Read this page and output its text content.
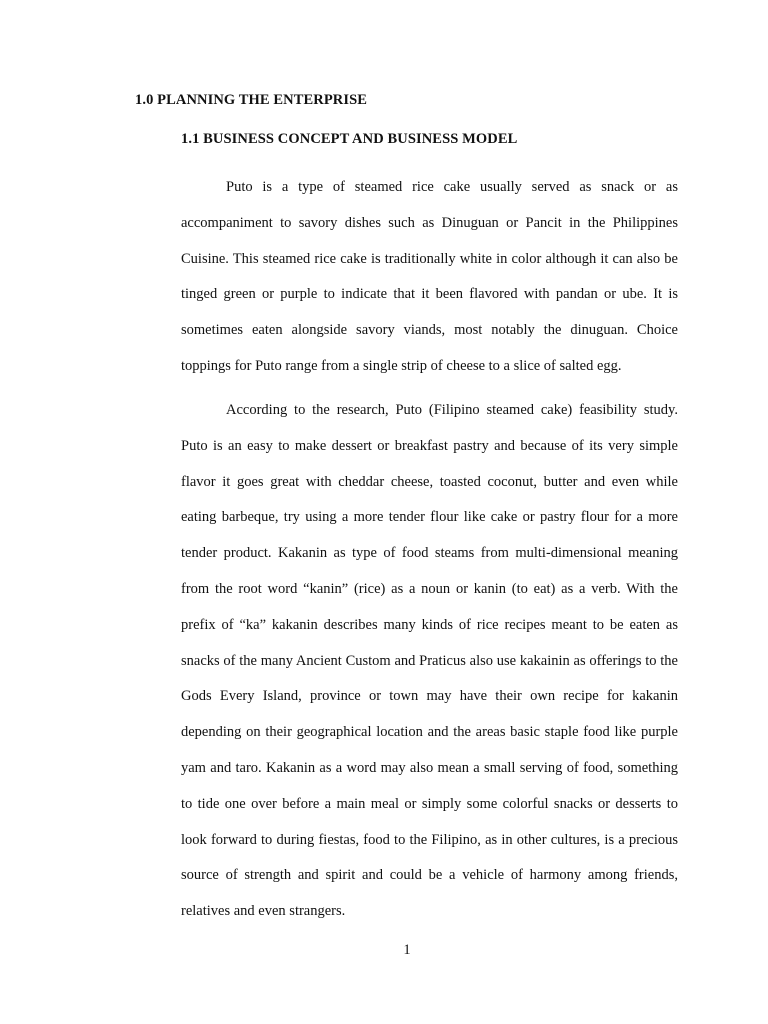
1.0 PLANNING THE ENTERPRISE
1.1 BUSINESS CONCEPT AND BUSINESS MODEL

Puto is a type of steamed rice cake usually served as snack or as accompaniment to savory dishes such as Dinuguan or Pancit in the Philippines Cuisine. This steamed rice cake is traditionally white in color although it can also be tinged green or purple to indicate that it been flavored with pandan or ube. It is sometimes eaten alongside savory viands, most notably the dinuguan. Choice toppings for Puto range from a single strip of cheese to a slice of salted egg.

According to the research, Puto (Filipino steamed cake) feasibility study. Puto is an easy to make dessert or breakfast pastry and because of its very simple flavor it goes great with cheddar cheese, toasted coconut, butter and even while eating barbeque, try using a more tender flour like cake or pastry flour for a more tender product. Kakanin as type of food steams from multi-dimensional meaning from the root word “kanin” (rice) as a noun or kanin (to eat) as a verb. With the prefix of “ka” kakanin describes many kinds of rice recipes meant to be eaten as snacks of the many Ancient Custom and Praticus also use kakainin as offerings to the Gods Every Island, province or town may have their own recipe for kakanin depending on their geographical location and the areas basic staple food like purple yam and taro. Kakanin as a word may also mean a small serving of food, something to tide one over before a main meal or simply some colorful snacks or desserts to look forward to during fiestas, food to the Filipino, as in other cultures, is a precious source of strength and spirit and could be a vehicle of harmony among friends, relatives and even strangers.

1
